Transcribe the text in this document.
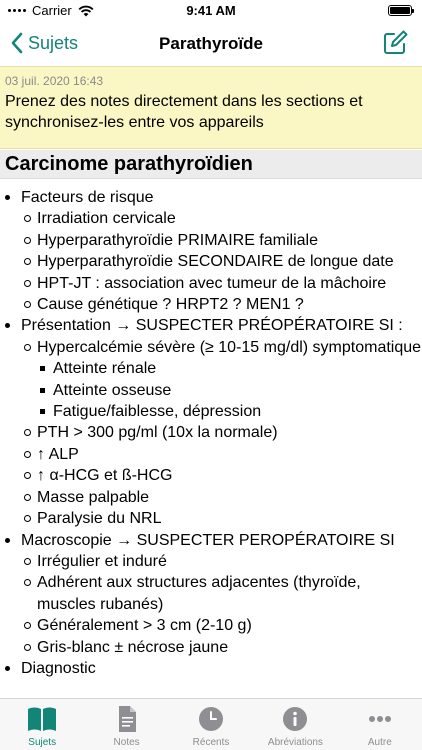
Carrier	9:41 AM
Sujets	Parathyroïde
03 juil. 2020 16:43
Prenez des notes directement dans les sections et synchronisez-les entre vos appareils
Carcinome parathyroïdien
Facteurs de risque
Irradiation cervicale
Hyperparathyroïdie PRIMAIRE familiale
Hyperparathyroïdie SECONDAIRE de longue date
HPT-JT : association avec tumeur de la mâchoire
Cause génétique ? HRPT2 ? MEN1 ?
Présentation → SUSPECTER PRÉOPÉRATOIRE SI :
Hypercalcémie sévère (≥ 10-15 mg/dl) symptomatique
Atteinte rénale
Atteinte osseuse
Fatigue/faiblesse, dépression
PTH > 300 pg/ml (10x la normale)
↑ ALP
↑ α-HCG et ß-HCG
Masse palpable
Paralysie du NRL
Macroscopie → SUSPECTER PEROPÉRATOIRE SI
Irrégulier et induré
Adhérent aux structures adjacentes (thyroïde, muscles rubanés)
Généralement > 3 cm (2-10 g)
Gris-blanc ± nécrose jaune
Diagnostic
Sujets	Notes	Récents	Abréviations	Autre
